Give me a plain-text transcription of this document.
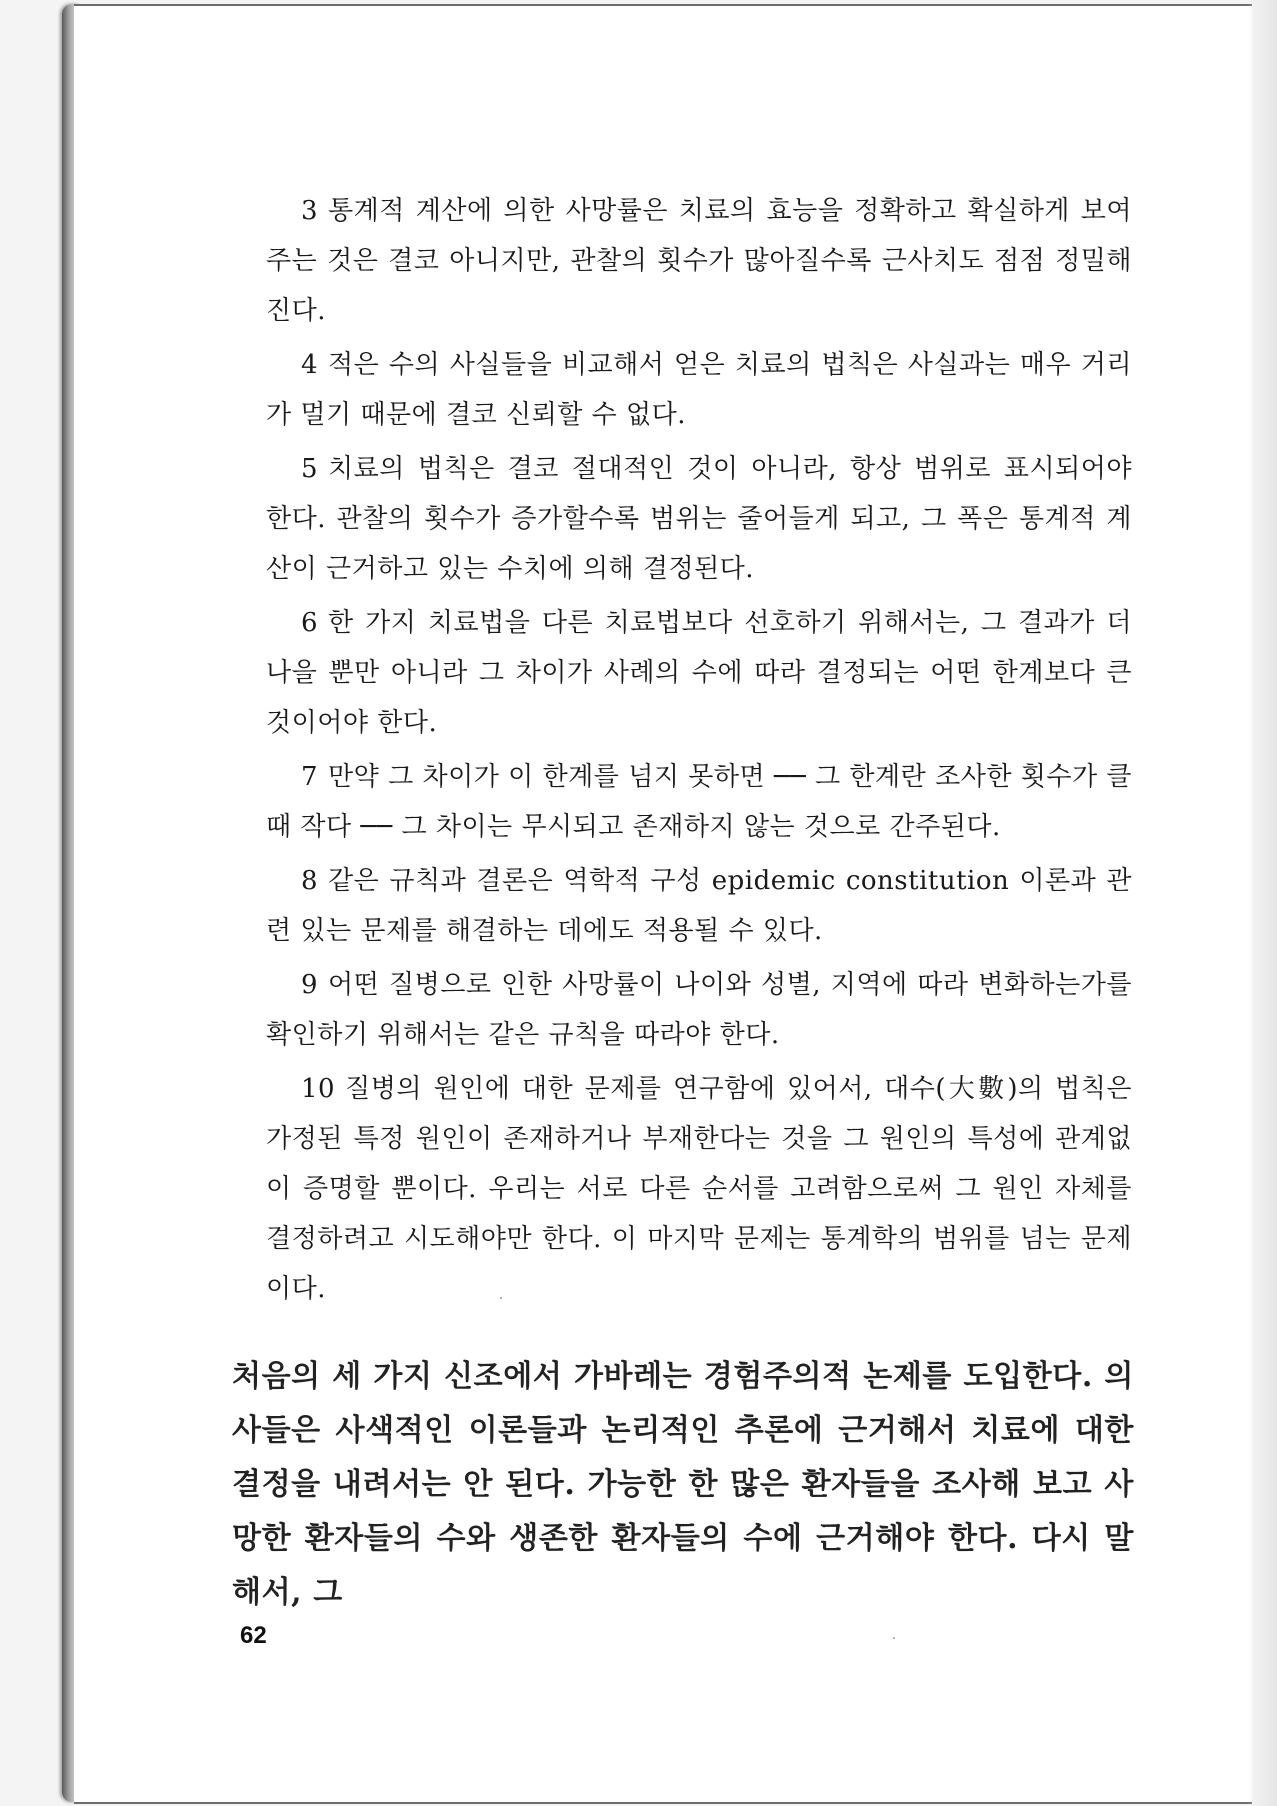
3 통계적 계산에 의한 사망률은 치료의 효능을 정확하고 확실하게 보여주는 것은 결코 아니지만, 관찰의 횟수가 많아질수록 근사치도 점점 정밀해진다.

4 적은 수의 사실들을 비교해서 얻은 치료의 법칙은 사실과는 매우 거리가 멀기 때문에 결코 신뢰할 수 없다.

5 치료의 법칙은 결코 절대적인 것이 아니라, 항상 범위로 표시되어야 한다. 관찰의 횟수가 증가할수록 범위는 줄어들게 되고, 그 폭은 통계적 계산이 근거하고 있는 수치에 의해 결정된다.

6 한 가지 치료법을 다른 치료법보다 선호하기 위해서는, 그 결과가 더 나을 뿐만 아니라 그 차이가 사례의 수에 따라 결정되는 어떤 한계보다 큰 것이어야 한다.

7 만약 그 차이가 이 한계를 넘지 못하면 ── 그 한계란 조사한 횟수가 클 때 작다 ── 그 차이는 무시되고 존재하지 않는 것으로 간주된다.

8 같은 규칙과 결론은 역학적 구성 epidemic constitution 이론과 관련 있는 문제를 해결하는 데에도 적용될 수 있다.

9 어떤 질병으로 인한 사망률이 나이와 성별, 지역에 따라 변화하는가를 확인하기 위해서는 같은 규칙을 따라야 한다.

10 질병의 원인에 대한 문제를 연구함에 있어서, 대수(大數)의 법칙은 가정된 특정 원인이 존재하거나 부재한다는 것을 그 원인의 특성에 관계없이 증명할 뿐이다. 우리는 서로 다른 순서를 고려함으로써 그 원인 자체를 결정하려고 시도해야만 한다. 이 마지막 문제는 통계학의 범위를 넘는 문제이다.

처음의 세 가지 신조에서 가바레는 경험주의적 논제를 도입한다. 의사들은 사색적인 이론들과 논리적인 추론에 근거해서 치료에 대한 결정을 내려서는 안 된다. 가능한 한 많은 환자들을 조사해 보고 사망한 환자들의 수와 생존한 환자들의 수에 근거해야 한다. 다시 말해서, 그

62
